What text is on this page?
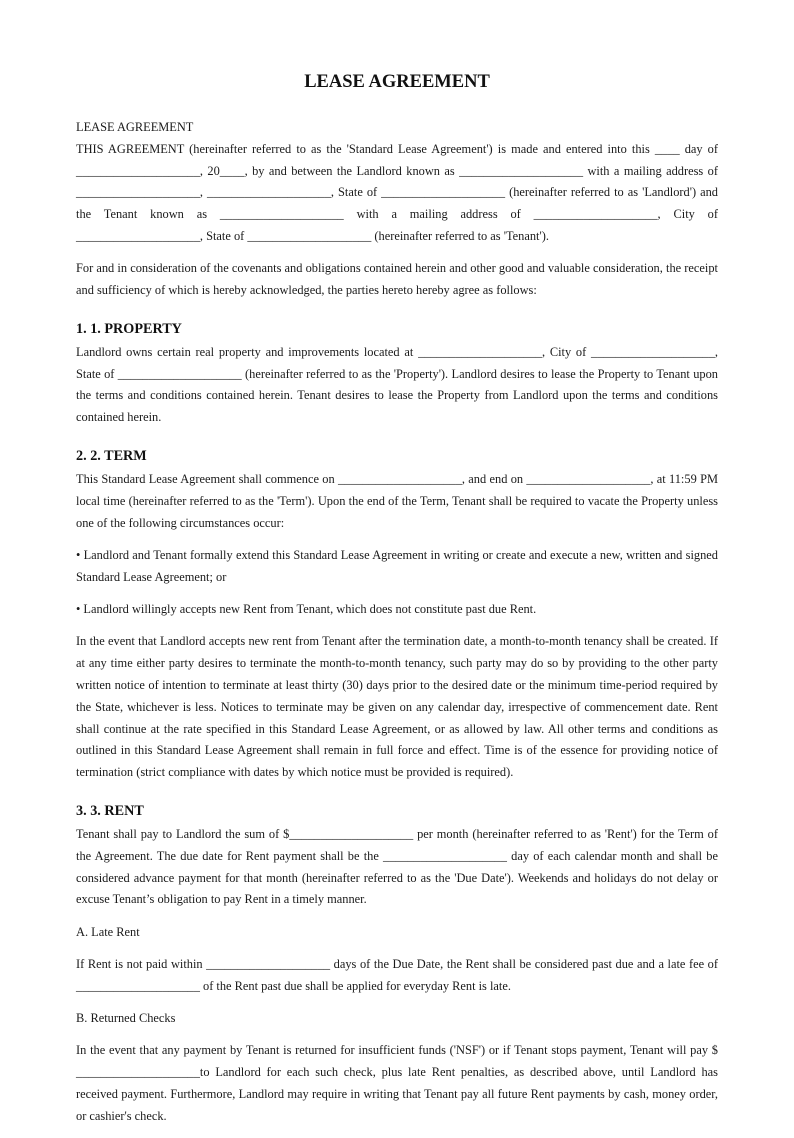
LEASE AGREEMENT

LEASE AGREEMENT

THIS AGREEMENT (hereinafter referred to as the 'Standard Lease Agreement') is made and entered into this ____ day of ____________________, 20____, by and between the Landlord known as ____________________ with a mailing address of ____________________, ____________________, State of ____________________ (hereinafter referred to as 'Landlord') and the Tenant known as ____________________ with a mailing address of ____________________, City of ____________________, State of ____________________ (hereinafter referred to as 'Tenant').

For and in consideration of the covenants and obligations contained herein and other good and valuable consideration, the receipt and sufficiency of which is hereby acknowledged, the parties hereto hereby agree as follows:

1. 1. PROPERTY

Landlord owns certain real property and improvements located at ____________________, City of ____________________, State of ____________________ (hereinafter referred to as the 'Property'). Landlord desires to lease the Property to Tenant upon the terms and conditions contained herein. Tenant desires to lease the Property from Landlord upon the terms and conditions contained herein.

2. 2. TERM

This Standard Lease Agreement shall commence on ____________________, and end on ____________________, at 11:59 PM local time (hereinafter referred to as the 'Term'). Upon the end of the Term, Tenant shall be required to vacate the Property unless one of the following circumstances occur:

• Landlord and Tenant formally extend this Standard Lease Agreement in writing or create and execute a new, written and signed Standard Lease Agreement; or

• Landlord willingly accepts new Rent from Tenant, which does not constitute past due Rent.

In the event that Landlord accepts new rent from Tenant after the termination date, a month-to-month tenancy shall be created. If at any time either party desires to terminate the month-to-month tenancy, such party may do so by providing to the other party written notice of intention to terminate at least thirty (30) days prior to the desired date or the minimum time-period required by the State, whichever is less. Notices to terminate may be given on any calendar day, irrespective of commencement date. Rent shall continue at the rate specified in this Standard Lease Agreement, or as allowed by law. All other terms and conditions as outlined in this Standard Lease Agreement shall remain in full force and effect. Time is of the essence for providing notice of termination (strict compliance with dates by which notice must be provided is required).

3. 3. RENT

Tenant shall pay to Landlord the sum of $____________________ per month (hereinafter referred to as 'Rent') for the Term of the Agreement. The due date for Rent payment shall be the ____________________ day of each calendar month and shall be considered advance payment for that month (hereinafter referred to as the 'Due Date'). Weekends and holidays do not delay or excuse Tenant’s obligation to pay Rent in a timely manner.

A. Late Rent

If Rent is not paid within ____________________ days of the Due Date, the Rent shall be considered past due and a late fee of ____________________ of the Rent past due shall be applied for everyday Rent is late.

B. Returned Checks

In the event that any payment by Tenant is returned for insufficient funds ('NSF') or if Tenant stops payment, Tenant will pay $ ____________________to Landlord for each such check, plus late Rent penalties, as described above, until Landlord has received payment. Furthermore, Landlord may require in writing that Tenant pay all future Rent payments by cash, money order, or cashier's check.
